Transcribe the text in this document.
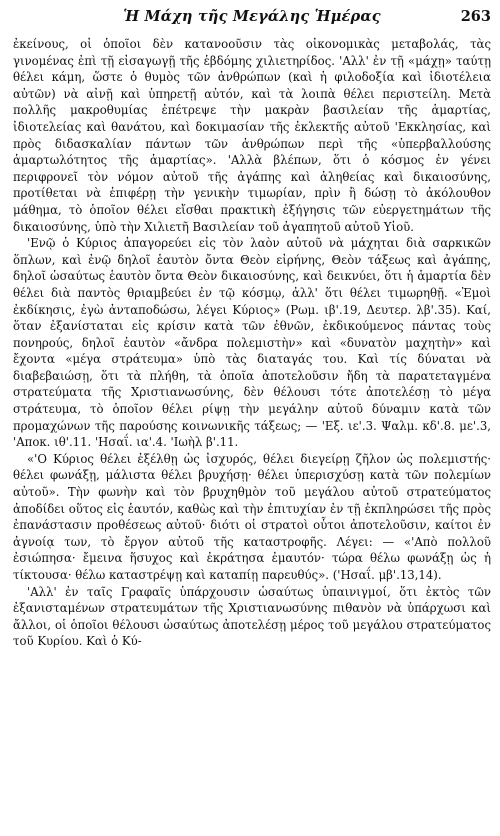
Ἡ Μάχη τῆς Μεγάλης Ἡμέρας	263

ἐκείνους, οἱ ὁποῖοι δὲν κατανοοῦσιν τὰς οἰκονομικὰς μεταβολάς, τὰς γινομένας ἐπὶ τῇ εἰσαγωγῇ τῆς ἑβδόμης χιλιετηρίδος. 'Αλλ' ἐν τῇ «μάχῃ» ταύτῃ θέλει κάμη, ὥστε ὁ θυμὸς τῶν ἀνθρώπων (καὶ ἡ φιλοδοξία καὶ ἰδιοτέλεια αὐτῶν) νὰ αἰνῇ καὶ ὑπηρετῇ αὐτόν, καὶ τὰ λοιπὰ θέλει περιστείλη. Μετὰ πολλῆς μακροθυμίας ἐπέτρεψε τὴν μακρὰν βασιλείαν τῆς ἁμαρτίας, ἰδιοτελείας καὶ θανάτου, καὶ δοκιμασίαν τῆς ἐκλεκτῆς αὐτοῦ 'Εκκλησίας, καὶ πρὸς διδασκαλίαν πάντων τῶν ἀνθρώπων περὶ τῆς «ὑπερβαλλούσης ἁμαρτωλότητος τῆς ἁμαρτίας». 'Αλλὰ βλέπων, ὅτι ὁ κόσμος ἐν γένει περιφρονεῖ τὸν νόμον αὐτοῦ τῆς ἀγάπης καὶ ἀληθείας καὶ δικαιοσύνης, προτίθεται νὰ ἐπιφέρῃ τὴν γενικὴν τιμωρίαν, πρὶν ἢ δώσῃ τὸ ἀκόλουθον μάθημα, τὸ ὁποῖον θέλει εἴσθαι πρακτικὴ ἐξήγησις τῶν εὐεργετημάτων τῆς δικαιοσύνης, ὑπὸ τὴν Χιλιετῆ Βασιλείαν τοῦ ἀγαπητοῦ αὐτοῦ Υἱοῦ.

'Ενῷ ὁ Κύριος ἀπαγορεύει εἰς τὸν λαὸν αὐτοῦ νὰ μάχηται διὰ σαρκικῶν ὅπλων, καὶ ἐνῷ δηλοῖ ἑαυτὸν ὄντα Θεὸν εἰρήνης, Θεὸν τάξεως καὶ ἀγάπης, δηλοῖ ὡσαύτως ἑαυτὸν ὄντα Θεὸν δικαιοσύνης, καὶ δεικνύει, ὅτι ἡ ἁμαρτία δὲν θέλει διὰ παντὸς θριαμβεύει ἐν τῷ κόσμῳ, ἀλλ' ὅτι θέλει τιμωρηθῇ. «Ἐμοὶ ἐκδίκησις, ἐγὼ ἀνταποδώσω, λέγει Κύριος» (Ρωμ. ιβ'.19, Δευτερ. λβ'.35). Καί, ὅταν ἐξανίσταται εἰς κρίσιν κατὰ τῶν ἐθνῶν, ἐκδικούμενος πάντας τοὺς πονηρούς, δηλοῖ ἑαυτὸν «ἄνδρα πολεμιστὴν» καὶ «δυνατὸν μαχητὴν» καὶ ἔχοντα «μέγα στράτευμα» ὑπὸ τὰς διαταγάς του. Καὶ τίς δύναται νὰ διαβεβαιώσῃ, ὅτι τὰ πλήθη, τὰ ὁποῖα ἀποτελοῦσιν ἤδη τὰ παρατεταγμένα στρατεύματα τῆς Χριστιανωσύνης, δὲν θέλουσι τότε ἀποτελέσῃ τὸ μέγα στράτευμα, τὸ ὁποῖον θέλει ρίψῃ τὴν μεγάλην αὐτοῦ δύναμιν κατὰ τῶν προμαχώνων τῆς παρούσης κοινωνικῆς τάξεως; — 'Εξ. ιε'.3. Ψαλμ. κδ'.8. με'.3, 'Αποκ. ιθ'.11. 'Ησαΐ. ια'.4. 'Ιωὴλ β'.11.

«'Ο Κύριος θέλει ἐξέλθῃ ὡς ἰσχυρός, θέλει διεγείρῃ ζῆλον ὡς πολεμιστής· θέλει φωνάξῃ, μάλιστα θέλει βρυχήσῃ· θέλει ὑπερισχύσῃ κατὰ τῶν πολεμίων αὐτοῦ». Τὴν φωνὴν καὶ τὸν βρυχηθμὸν τοῦ μεγάλου αὐτοῦ στρατεύματος ἀποδίδει οὕτος εἰς ἑαυτόν, καθὼς καὶ τὴν ἐπιτυχίαν ἐν τῇ ἐκπληρώσει τῆς πρὸς ἐπανάστασιν προθέσεως αὐτοῦ· διότι οἱ στρατοὶ οὗτοι ἀποτελοῦσιν, καίτοι ἐν ἀγνοίᾳ των, τὸ ἔργον αὐτοῦ τῆς καταστροφῆς. Λέγει: — «'Απὸ πολλοῦ ἐσιώπησα· ἔμεινα ἥσυχος καὶ ἐκράτησα ἐμαυτόν· τώρα θέλω φωνάξῃ ὡς ἡ τίκτουσα· θέλω καταστρέψῃ καὶ καταπίῃ παρευθύς». ('Ησαΐ. μβ'.13,14).

'Αλλ' ἐν ταῖς Γραφαῖς ὑπάρχουσιν ὡσαύτως ὑπαινιγμοί, ὅτι ἐκτὸς τῶν ἐξανισταμένων στρατευμάτων τῆς Χριστιανωσύνης πιθανὸν νὰ ὑπάρχωσι καὶ ἄλλοι, οἱ ὁποῖοι θέλουσι ὡσαύτως ἀποτελέσῃ μέρος τοῦ μεγάλου στρατεύματος τοῦ Κυρίου. Καὶ ὁ Κύ-
